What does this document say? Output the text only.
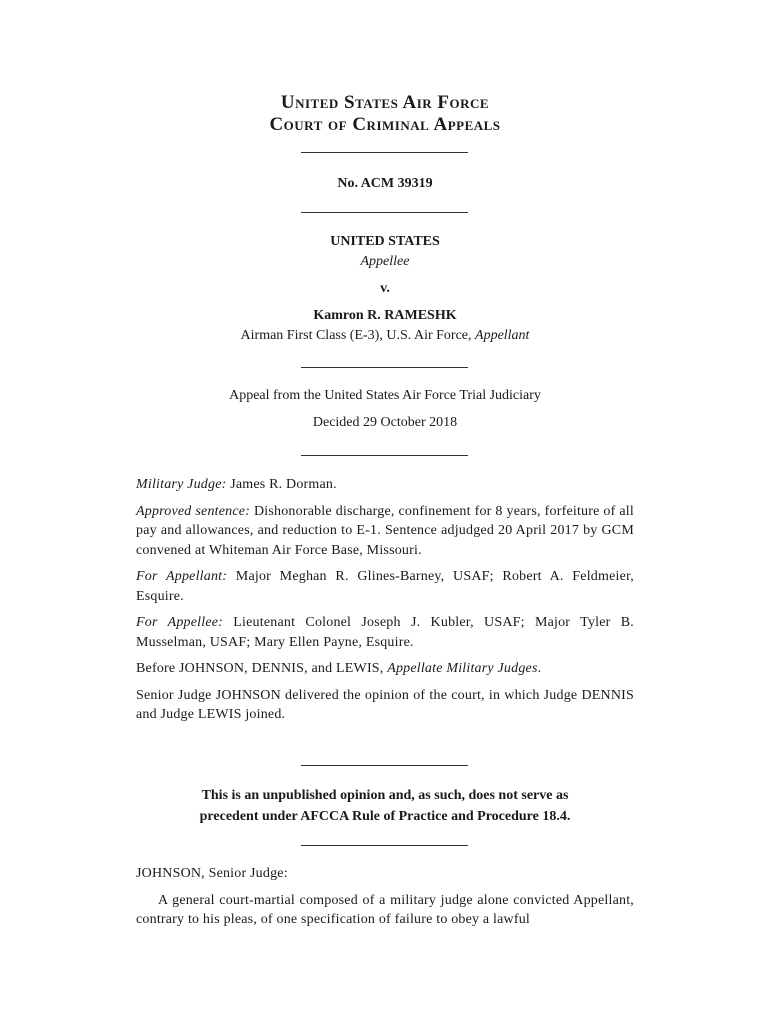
United States Air Force
Court of Criminal Appeals
No. ACM 39319
UNITED STATES
Appellee
v.
Kamron R. RAMESHK
Airman First Class (E-3), U.S. Air Force, Appellant
Appeal from the United States Air Force Trial Judiciary
Decided 29 October 2018

Military Judge: James R. Dorman.

Approved sentence: Dishonorable discharge, confinement for 8 years, forfeiture of all pay and allowances, and reduction to E-1. Sentence adjudged 20 April 2017 by GCM convened at Whiteman Air Force Base, Missouri.

For Appellant: Major Meghan R. Glines-Barney, USAF; Robert A. Feldmeier, Esquire.

For Appellee: Lieutenant Colonel Joseph J. Kubler, USAF; Major Tyler B. Musselman, USAF; Mary Ellen Payne, Esquire.

Before JOHNSON, DENNIS, and LEWIS, Appellate Military Judges.

Senior Judge JOHNSON delivered the opinion of the court, in which Judge DENNIS and Judge LEWIS joined.

This is an unpublished opinion and, as such, does not serve as
precedent under AFCCA Rule of Practice and Procedure 18.4.

JOHNSON, Senior Judge:

A general court-martial composed of a military judge alone convicted Appellant, contrary to his pleas, of one specification of failure to obey a lawful
